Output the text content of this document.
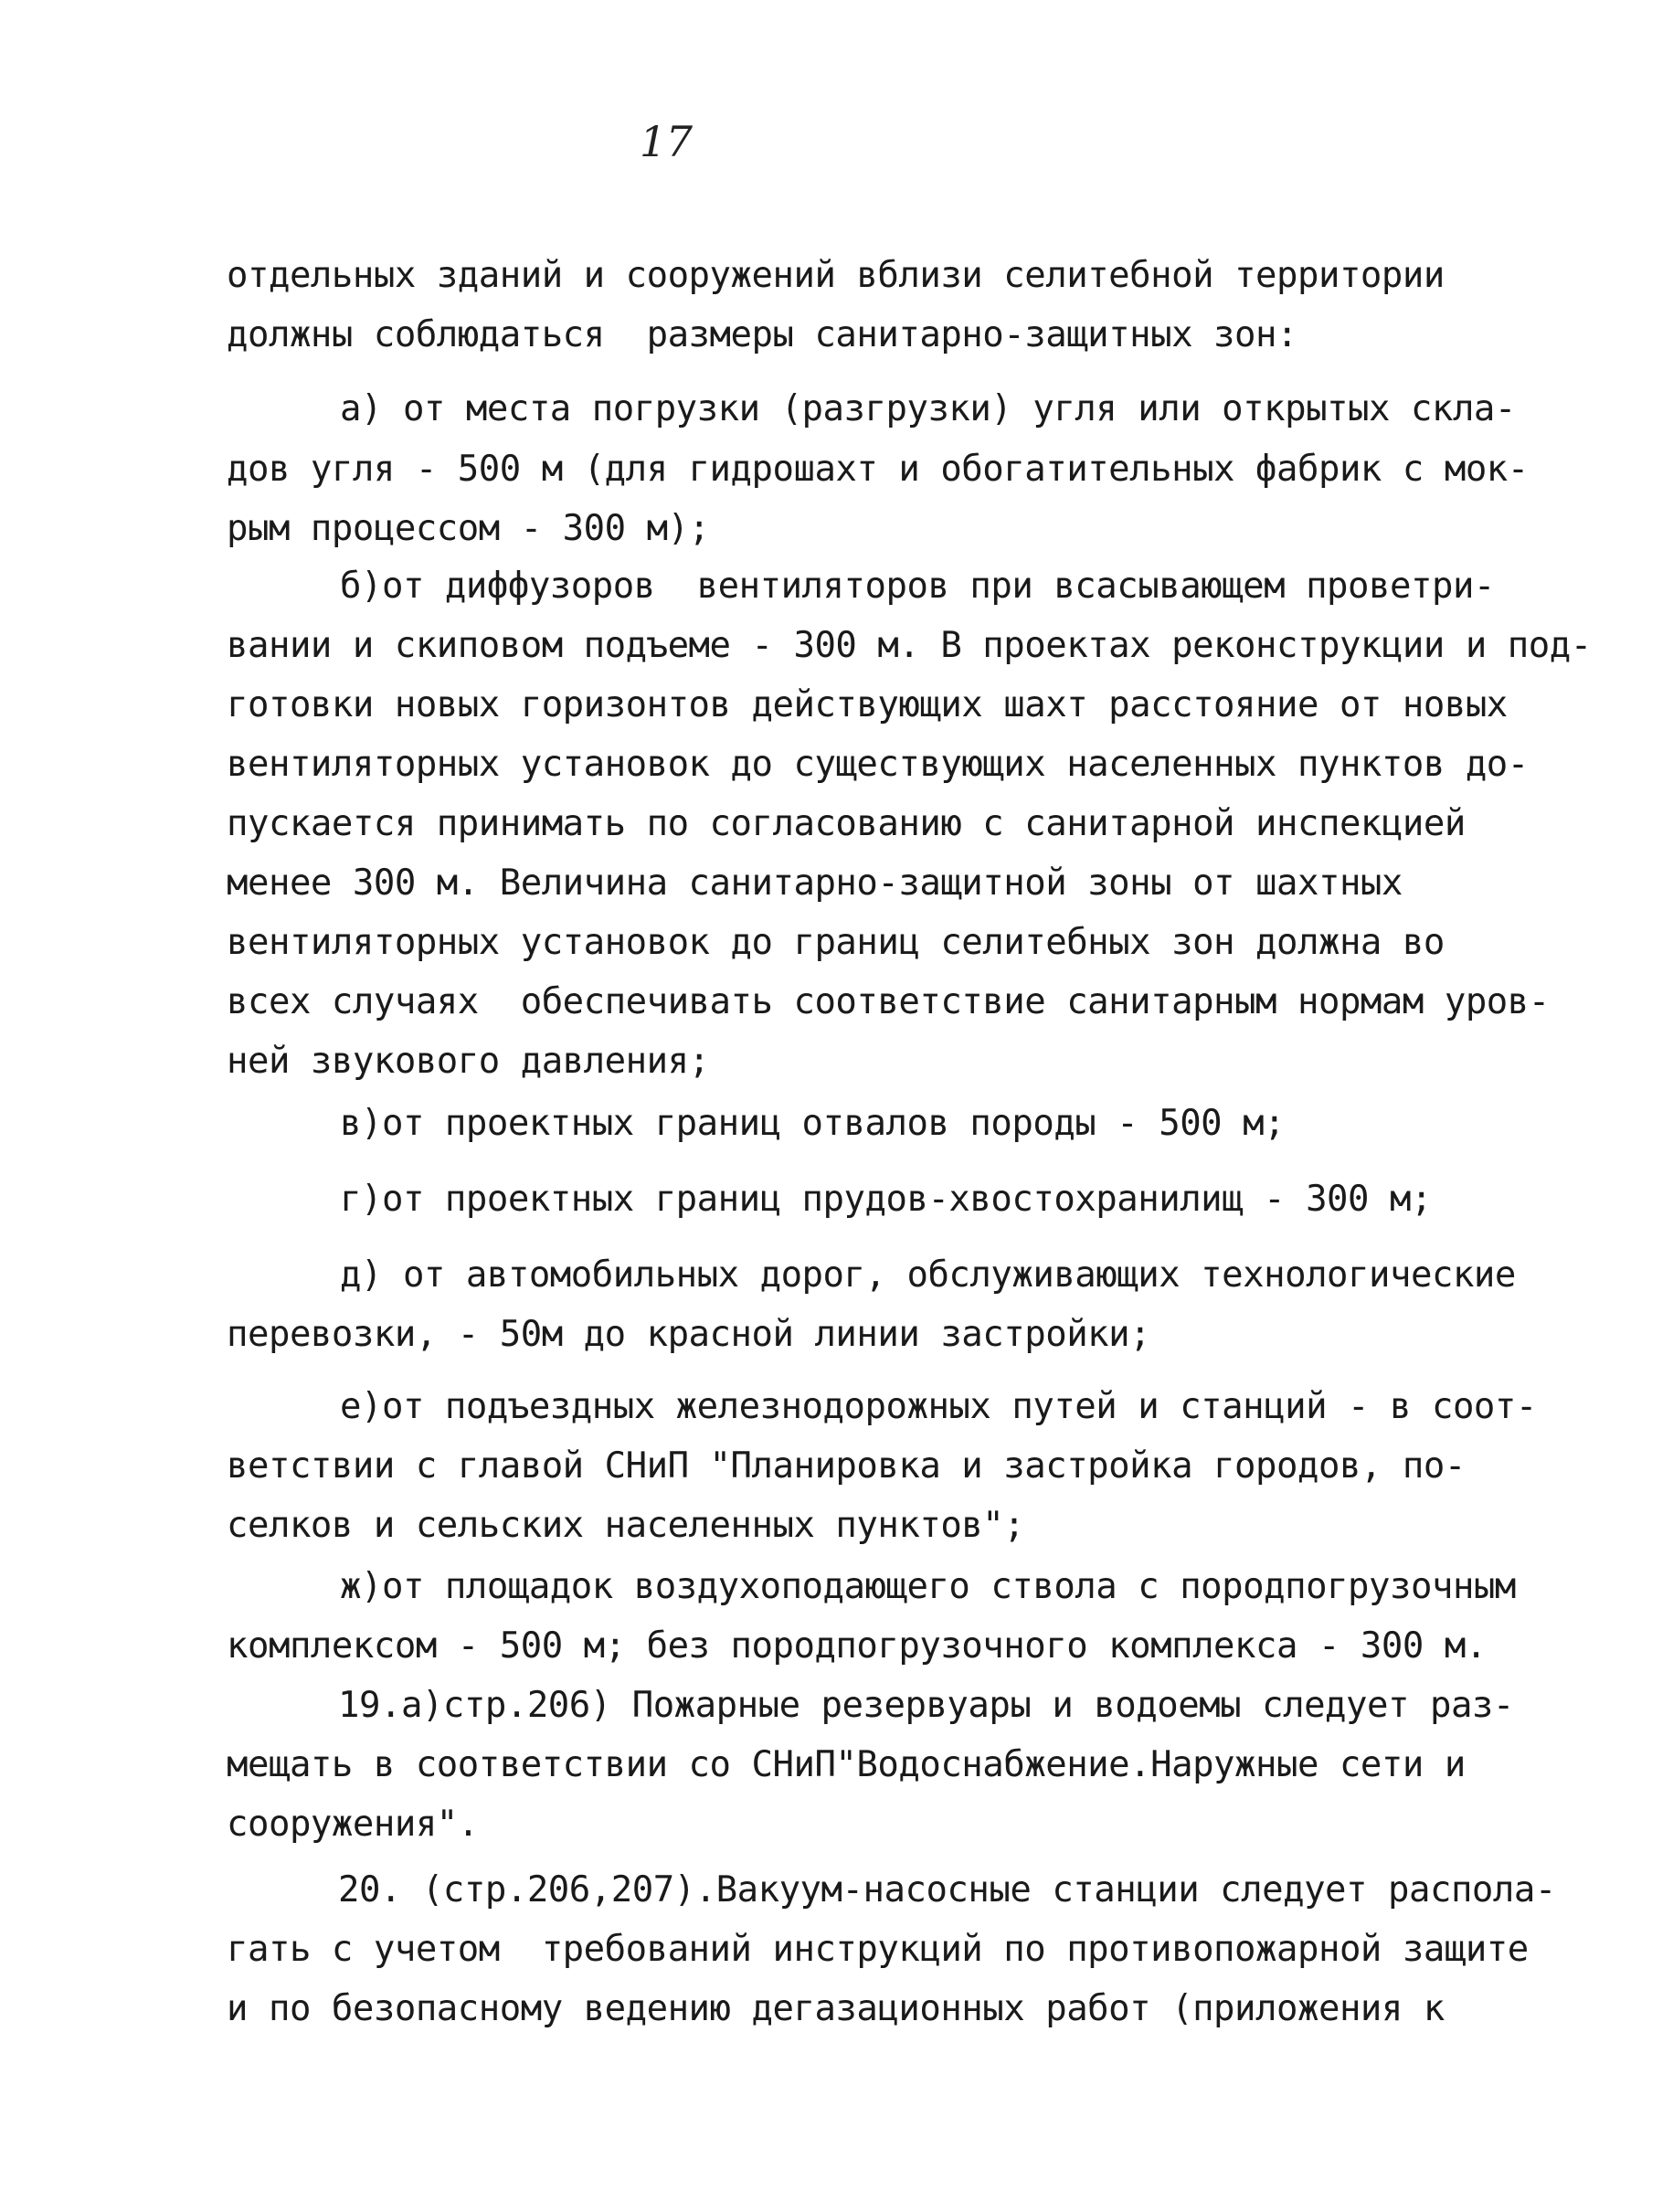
17
отдельных зданий и сооружений вблизи селитебной территории
должны соблюдаться  размеры санитарно-защитных зон:
а) от места погрузки (разгрузки) угля или открытых скла-
дов угля - 500 м (для гидрошахт и обогатительных фабрик с мок-
рым процессом - 300 м);
б)от диффузоров  вентиляторов при всасывающем проветри-
вании и скиповом подъеме - 300 м. В проектах реконструкции и под-
готовки новых горизонтов действующих шахт расстояние от новых
вентиляторных установок до существующих населенных пунктов до-
пускается принимать по согласованию с санитарной инспекцией
менее 300 м. Величина санитарно-защитной зоны от шахтных
вентиляторных установок до границ селитебных зон должна во
всех случаях  обеспечивать соответствие санитарным нормам уров-
ней звукового давления;
в)от проектных границ отвалов породы - 500 м;
г)от проектных границ прудов-хвостохранилищ - 300 м;
д) от автомобильных дорог, обслуживающих технологические
перевозки, - 50м до красной линии застройки;
е)от подъездных железнодорожных путей и станций - в соот-
ветствии с главой СНиП "Планировка и застройка городов, по-
селков и сельских населенных пунктов";
ж)от площадок воздухоподающего ствола с породпогрузочным
комплексом - 500 м; без породпогрузочного комплекса - 300 м.
19.а)стр.206) Пожарные резервуары и водоемы следует раз-
мещать в соответствии со СНиП"Водоснабжение.Наружные сети и
сооружения".
20. (стр.206,207).Вакуум-насосные станции следует распола-
гать с учетом  требований инструкций по противопожарной защите
и по безопасному ведению дегазационных работ (приложения к
